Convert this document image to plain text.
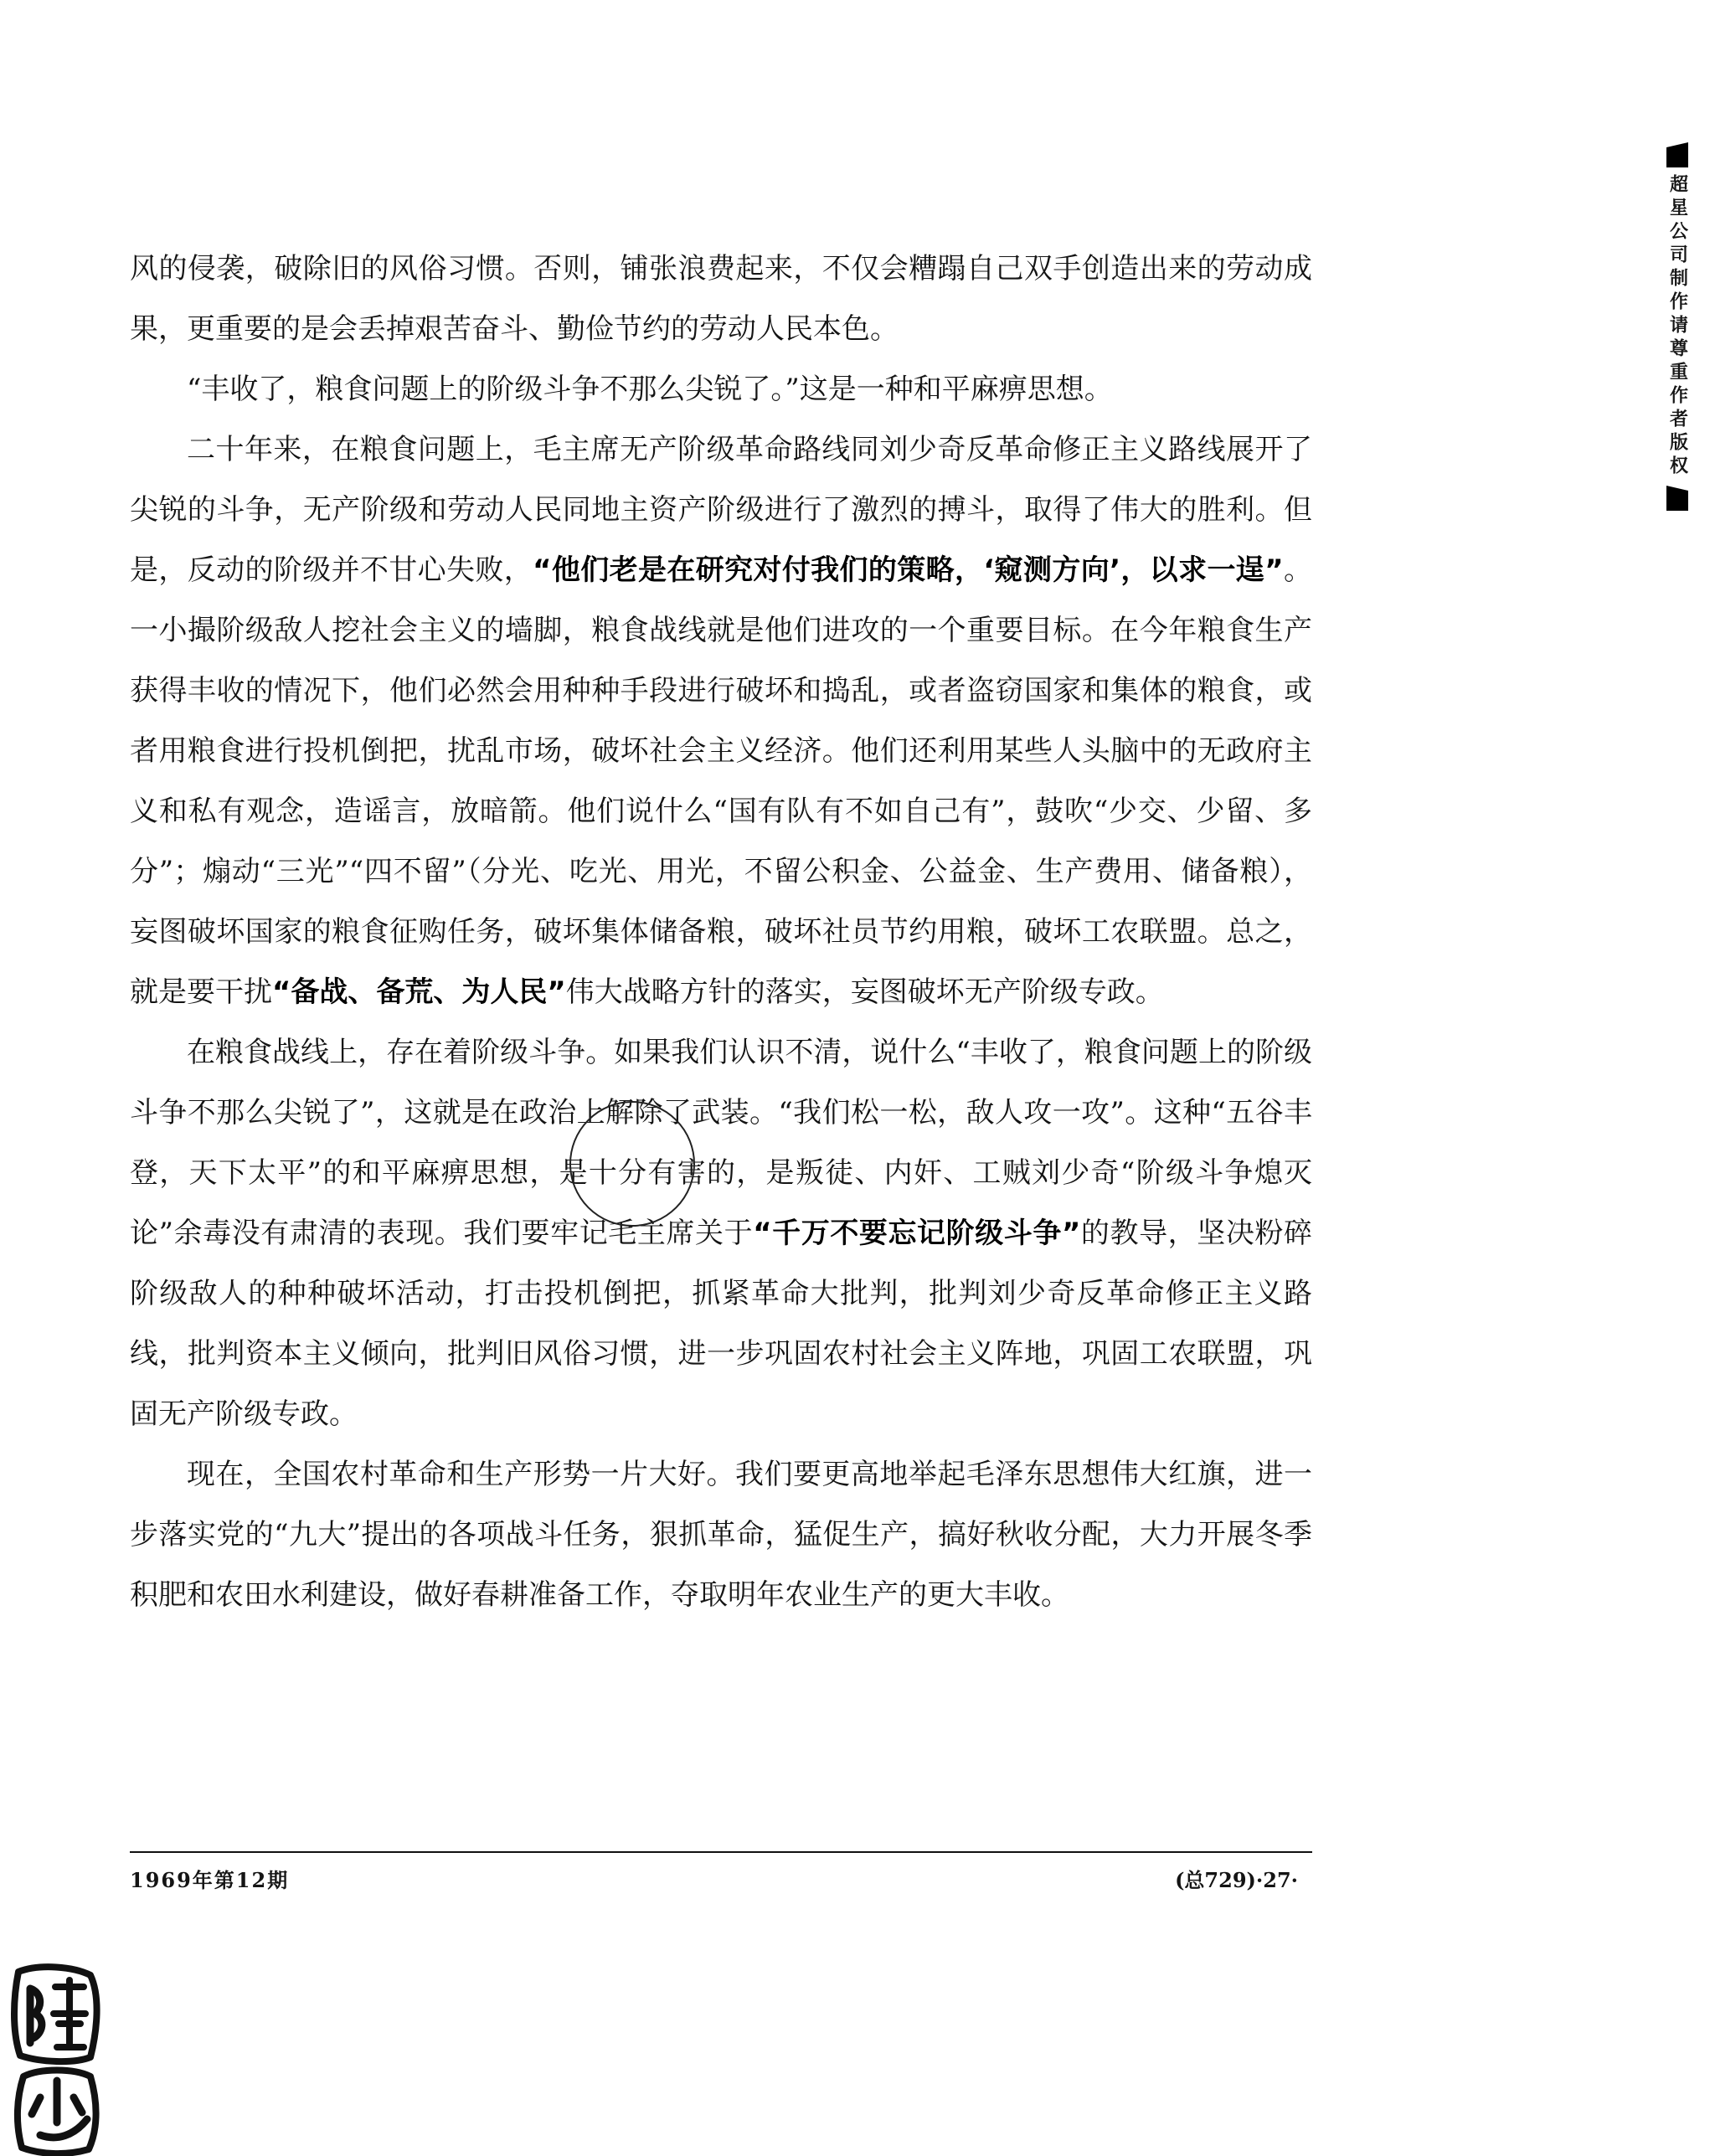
风的侵袭，破除旧的风俗习惯。否则，铺张浪费起来，不仅会糟蹋自己双手创造出来的劳动成果，更重要的是会丢掉艰苦奋斗、勤俭节约的劳动人民本色。

“丰收了，粮食问题上的阶级斗争不那么尖锐了。”这是一种和平麻痹思想。

二十年来，在粮食问题上，毛主席无产阶级革命路线同刘少奇反革命修正主义路线展开了尖锐的斗争，无产阶级和劳动人民同地主资产阶级进行了激烈的搏斗，取得了伟大的胜利。但是，反动的阶级并不甘心失败，“他们老是在研究对付我们的策略，‘窥测方向’，以求一逞”。一小撮阶级敌人挖社会主义的墙脚，粮食战线就是他们进攻的一个重要目标。在今年粮食生产获得丰收的情况下，他们必然会用种种手段进行破坏和捣乱，或者盗窃国家和集体的粮食，或者用粮食进行投机倒把，扰乱市场，破坏社会主义经济。他们还利用某些人头脑中的无政府主义和私有观念，造谣言，放暗箭。他们说什么“国有队有不如自己有”，鼓吹“少交、少留、多分”；煽动“三光”“四不留”（分光、吃光、用光，不留公积金、公益金、生产费用、储备粮），妄图破坏国家的粮食征购任务，破坏集体储备粮，破坏社员节约用粮，破坏工农联盟。总之，就是要干扰“备战、备荒、为人民”伟大战略方针的落实，妄图破坏无产阶级专政。

在粮食战线上，存在着阶级斗争。如果我们认识不清，说什么“丰收了，粮食问题上的阶级斗争不那么尖锐了”，这就是在政治上解除了武装。“我们松一松，敌人攻一攻”。这种“五谷丰登，天下太平”的和平麻痹思想，是十分有害的，是叛徒、内奸、工贼刘少奇“阶级斗争熄灭论”余毒没有肃清的表现。我们要牢记毛主席关于“千万不要忘记阶级斗争”的教导，坚决粉碎阶级敌人的种种破坏活动，打击投机倒把，抓紧革命大批判，批判刘少奇反革命修正主义路线，批判资本主义倾向，批判旧风俗习惯，进一步巩固农村社会主义阵地，巩固工农联盟，巩固无产阶级专政。

现在，全国农村革命和生产形势一片大好。我们要更高地举起毛泽东思想伟大红旗，进一步落实党的“九大”提出的各项战斗任务，狠抓革命，猛促生产，搞好秋收分配，大力开展冬季积肥和农田水利建设，做好春耕准备工作，夺取明年农业生产的更大丰收。

1969年第12期	(总729)·27·
超星公司制作请尊重作者版权
